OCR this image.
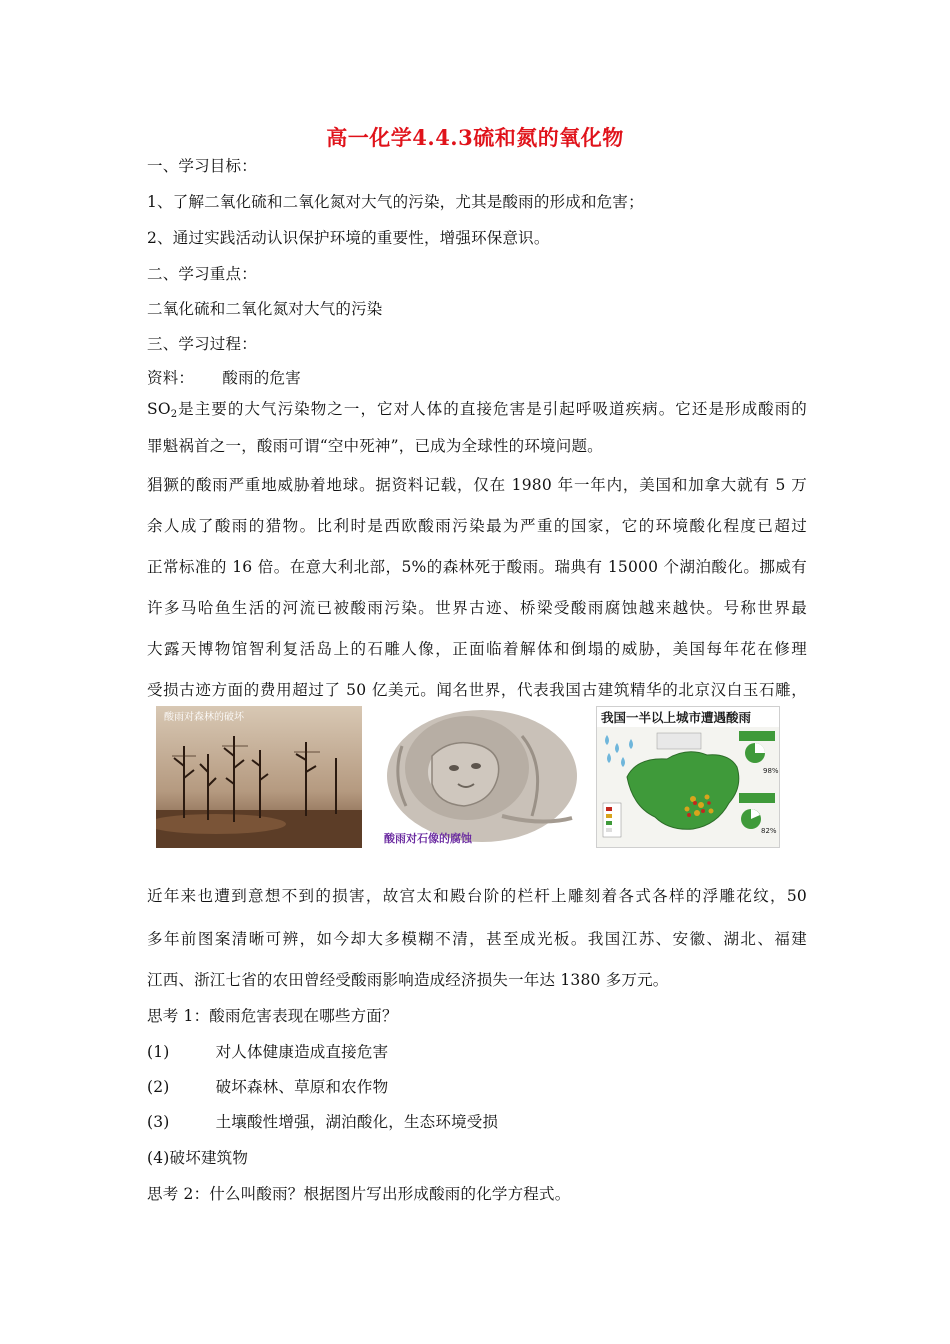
高一化学4.4.3硫和氮的氧化物
一、学习目标：
1、了解二氧化硫和二氧化氮对大气的污染，尤其是酸雨的形成和危害；
2、通过实践活动认识保护环境的重要性，增强环保意识。
二、学习重点：
二氧化硫和二氧化氮对大气的污染
三、学习过程：
资料： 酸雨的危害
$SO_2$是主要的大气污染物之一，它对人体的直接危害是引起呼吸道疾病。它还是形成酸雨的
罪魁祸首之一，酸雨可谓“空中死神”，已成为全球性的环境问题。
猖獗的酸雨严重地威胁着地球。据资料记载，仅在 1980 年一年内，美国和加拿大就有 5 万
余人成了酸雨的猎物。比利时是西欧酸雨污染最为严重的国家，它的环境酸化程度已超过
正常标准的 16 倍。在意大利北部，5%的森林死于酸雨。瑞典有 15000 个湖泊酸化。挪威有
许多马哈鱼生活的河流已被酸雨污染。世界古迹、桥梁受酸雨腐蚀越来越快。号称世界最
大露天博物馆智利复活岛上的石雕人像，正面临着解体和倒塌的威胁，美国每年花在修理
受损古迹方面的费用超过了 50 亿美元。闻名世界，代表我国古建筑精华的北京汉白玉石雕，
酸雨对森林的破坏
酸雨对石像的腐蚀
我国一半以上城市遭遇酸雨
98%
82%
近年来也遭到意想不到的损害，故宫太和殿台阶的栏杆上雕刻着各式各样的浮雕花纹，50
多年前图案清晰可辨，如今却大多模糊不清，甚至成光板。我国江苏、安徽、湖北、福建
江西、浙江七省的农田曾经受酸雨影响造成经济损失一年达 1380 多万元。
思考 1：酸雨危害表现在哪些方面？
(1)	对人体健康造成直接危害
(2)	破坏森林、草原和农作物
(3)	土壤酸性增强，湖泊酸化，生态环境受损
(4)破坏建筑物
思考 2：什么叫酸雨？根据图片写出形成酸雨的化学方程式。
